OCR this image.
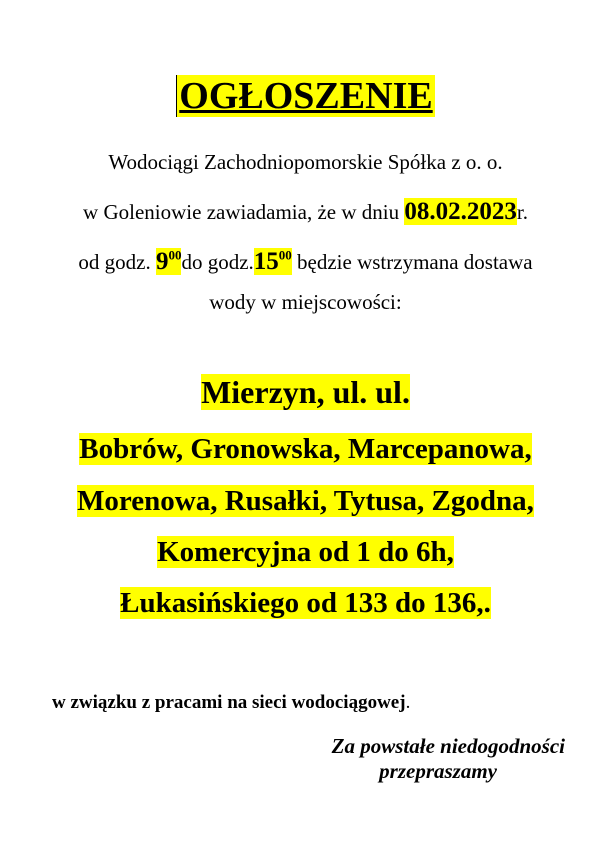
OGŁOSZENIE
Wodociągi Zachodniopomorskie Spółka z o. o.
w Goleniowie zawiadamia, że w dniu 08.02.2023r.
od godz. $9^{00}do$ $godz.15^{00}$ będzie wstrzymana dostawa
wody w miejscowości:
Mierzyn, ul. ul.
Bobrów, Gronowska, Marcepanowa,
Morenowa, Rusałki, Tytusa, Zgodna,
Komercyjna od 1 do 6h,
Łukasińskiego od 133 do 136,.
w związku z pracami na sieci wodociągowej.
Za powstałe niedogodności
przepraszamy
